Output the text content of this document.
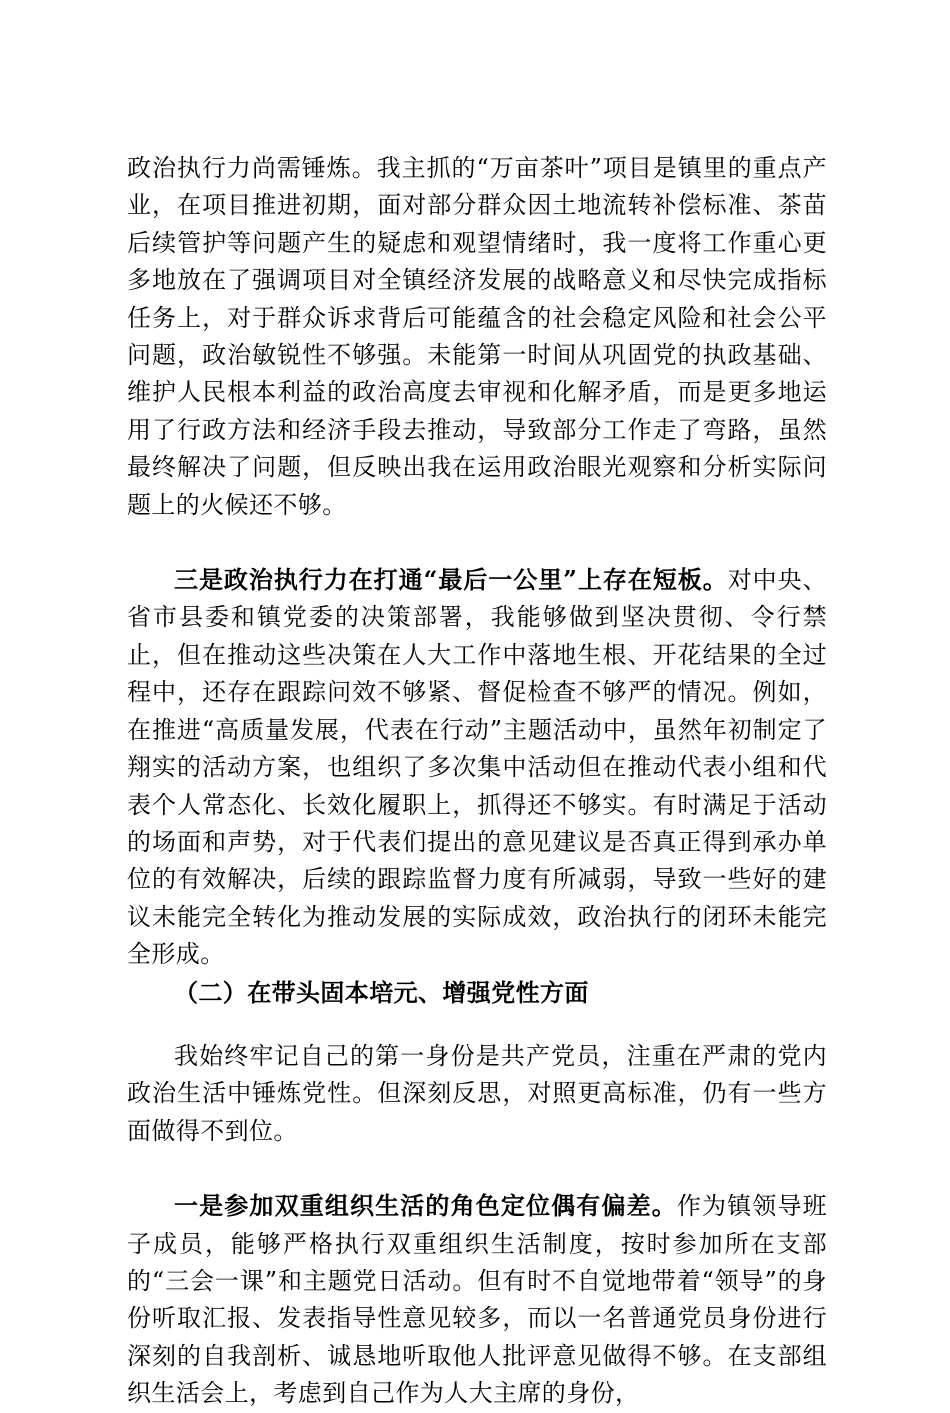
政治执行力尚需锤炼。我主抓的“万亩茶叶”项目是镇里的重点产业，在项目推进初期，面对部分群众因土地流转补偿标准、茶苗后续管护等问题产生的疑虑和观望情绪时，我一度将工作重心更多地放在了强调项目对全镇经济发展的战略意义和尽快完成指标任务上，对于群众诉求背后可能蕴含的社会稳定风险和社会公平问题，政治敏锐性不够强。未能第一时间从巩固党的执政基础、维护人民根本利益的政治高度去审视和化解矛盾，而是更多地运用了行政方法和经济手段去推动，导致部分工作走了弯路，虽然最终解决了问题，但反映出我在运用政治眼光观察和分析实际问题上的火候还不够。

三是政治执行力在打通“最后一公里”上存在短板。对中央、省市县委和镇党委的决策部署，我能够做到坚决贯彻、令行禁止，但在推动这些决策在人大工作中落地生根、开花结果的全过程中，还存在跟踪问效不够紧、督促检查不够严的情况。例如，在推进“高质量发展，代表在行动”主题活动中，虽然年初制定了翔实的活动方案，也组织了多次集中活动但在推动代表小组和代表个人常态化、长效化履职上，抓得还不够实。有时满足于活动的场面和声势，对于代表们提出的意见建议是否真正得到承办单位的有效解决，后续的跟踪监督力度有所减弱，导致一些好的建议未能完全转化为推动发展的实际成效，政治执行的闭环未能完全形成。

（二）在带头固本培元、增强党性方面

我始终牢记自己的第一身份是共产党员，注重在严肃的党内政治生活中锤炼党性。但深刻反思，对照更高标准，仍有一些方面做得不到位。

一是参加双重组织生活的角色定位偶有偏差。作为镇领导班子成员，能够严格执行双重组织生活制度，按时参加所在支部的“三会一课”和主题党日活动。但有时不自觉地带着“领导”的身份听取汇报、发表指导性意见较多，而以一名普通党员身份进行深刻的自我剖析、诚恳地听取他人批评意见做得不够。在支部组织生活会上，考虑到自己作为人大主席的身份，
